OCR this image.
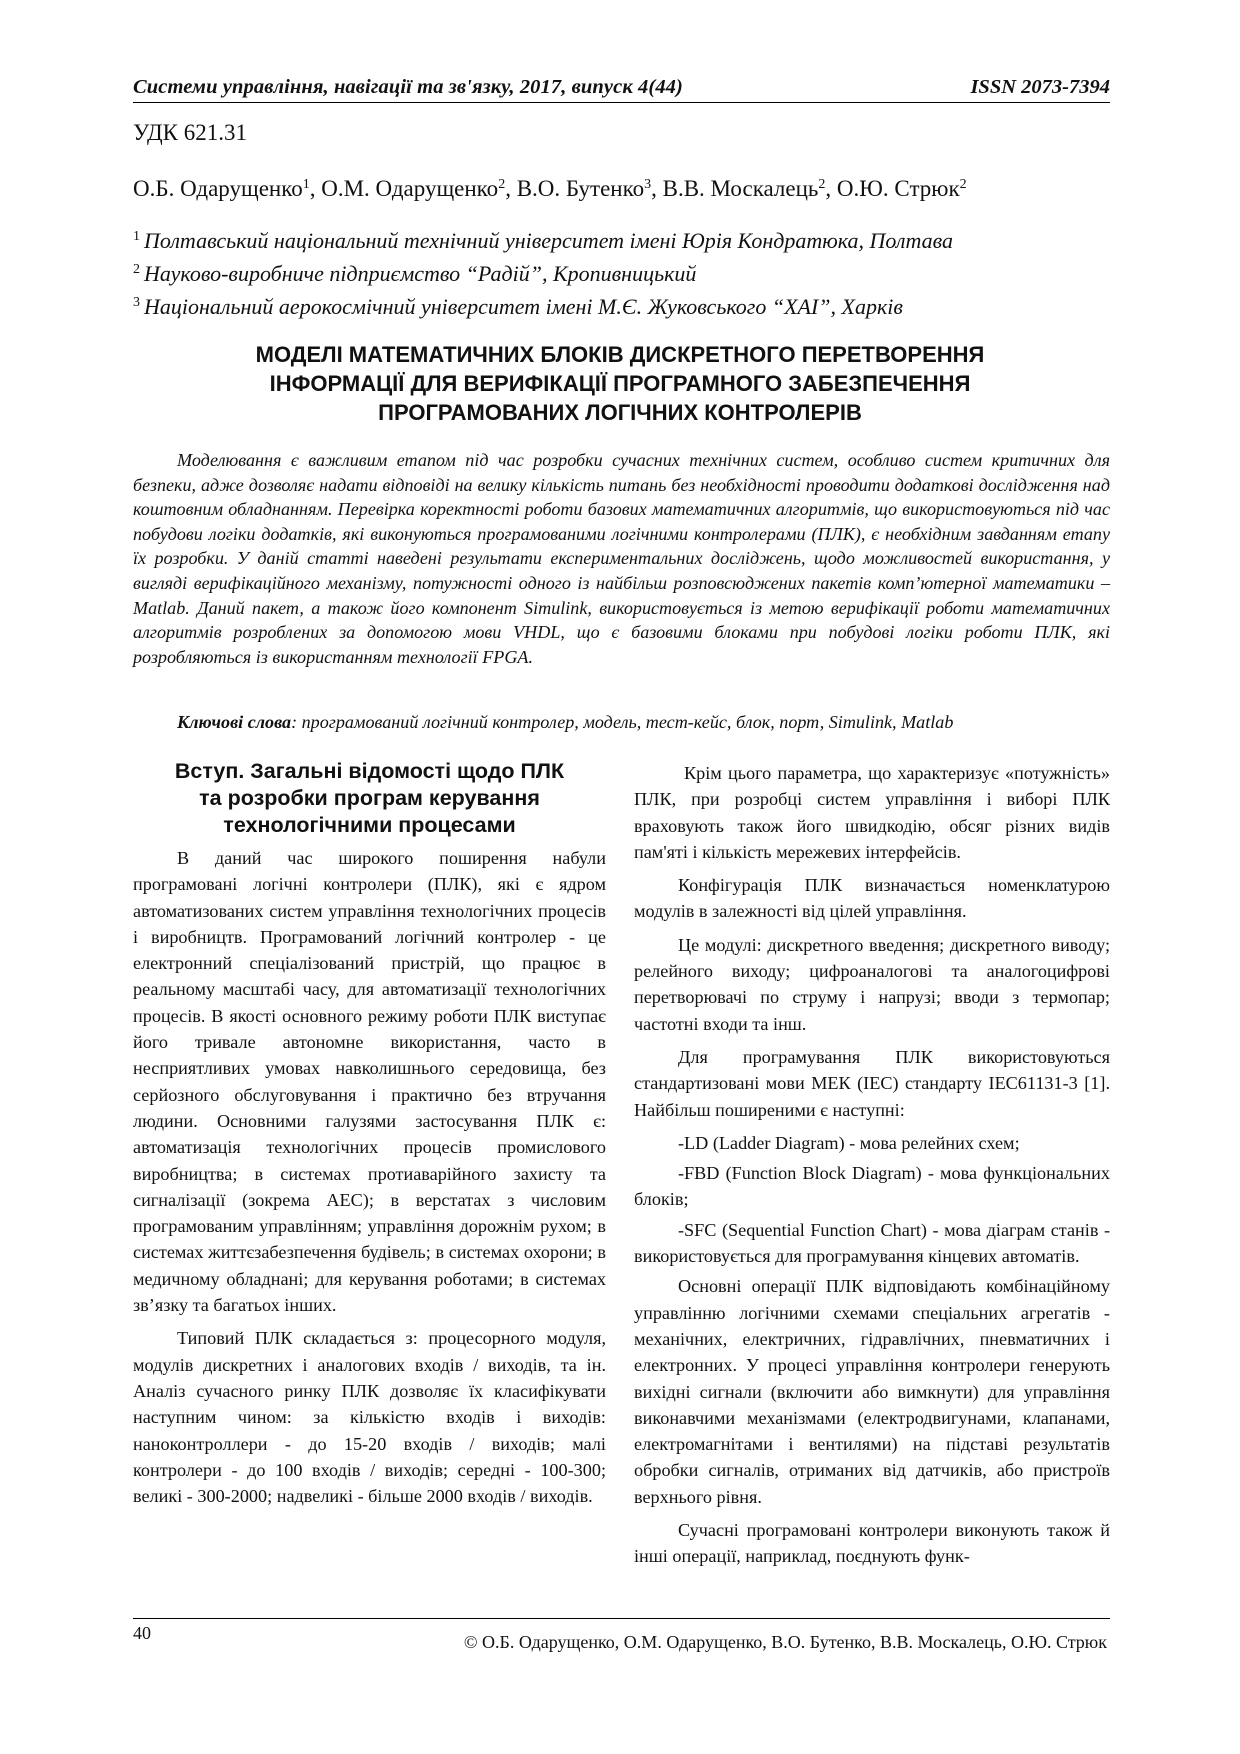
Системи управління, навігації та зв'язку, 2017, випуск 4(44)	ISSN 2073-7394
УДК 621.31
О.Б. Одарущенко$^1$, О.М. Одарущенко$^2$, В.О. Бутенко$^3$, В.В. Москалець$^2$, О.Ю. Стрюк$^2$
$^1$ Полтавський національний технічний університет імені Юрія Кондратюка, Полтава
$^2$ Науково-виробниче підприємство “Радій”, Кропивницький
$^3$ Національний аерокосмічний університет імені М.Є. Жуковського “ХАІ”, Харків
МОДЕЛІ МАТЕМАТИЧНИХ БЛОКІВ ДИСКРЕТНОГО ПЕРЕТВОРЕННЯ
ІНФОРМАЦІЇ ДЛЯ ВЕРИФІКАЦІЇ ПРОГРАМНОГО ЗАБЕЗПЕЧЕННЯ
ПРОГРАМОВАНИХ ЛОГІЧНИХ КОНТРОЛЕРІВ
Моделювання є важливим етапом під час розробки сучасних технічних систем, особливо систем критичних для безпеки, адже дозволяє надати відповіді на велику кількість питань без необхідності проводити додаткові дослідження над коштовним обладнанням. Перевірка коректності роботи базових математичних алгоритмів, що використовуються під час побудови логіки додатків, які виконуються програмованими логічними контролерами (ПЛК), є необхідним завданням етапу їх розробки. У даній статті наведені результати експериментальних досліджень, щодо можливостей використання, у вигляді верифікаційного механізму, потужності одного із найбільш розповсюджених пакетів комп’ютерної математики – Matlab. Даний пакет, а також його компонент Simulink, використовується із метою верифікації роботи математичних алгоритмів розроблених за допомогою мови VHDL, що є базовими блоками при побудові логіки роботи ПЛК, які розробляються із використанням технології FPGA.
Ключові слова: програмований логічний контролер, модель, тест-кейс, блок, порт, Simulink, Matlab
Вступ. Загальні відомості щодо ПЛК
та розробки програм керування
технологічними процесами

В даний час широкого поширення набули програмовані логічні контролери (ПЛК), які є ядром автоматизованих систем управління технологічних процесів і виробництв. Програмований логічний контролер - це електронний спеціалізований пристрій, що працює в реальному масштабі часу, для автоматизації технологічних процесів. В якості основного режиму роботи ПЛК виступає його тривале автономне використання, часто в несприятливих умовах навколишнього середовища, без серйозного обслуговування і практично без втручання людини. Основними галузями застосування ПЛК є: автоматизація технологічних процесів промислового виробництва; в системах протиаварійного захисту та сигналізації (зокрема АЕС); в верстатах з числовим програмованим управлінням; управління дорожнім рухом; в системах життєзабезпечення будівель; в системах охорони; в медичному обладнані; для керування роботами; в системах зв’язку та багатьох інших.

Типовий ПЛК складається з: процесорного модуля, модулів дискретних і аналогових входів / виходів, та ін. Аналіз сучасного ринку ПЛК дозволяє їх класифікувати наступним чином: за кількістю входів і виходів: наноконтроллери - до 15-20 входів / виходів; малі контролери - до 100 входів / виходів; середні - 100-300; великі - 300-2000; надвеликі - більше 2000 входів / виходів.

Крім цього параметра, що характеризує «потужність» ПЛК, при розробці систем управління і виборі ПЛК враховують також його швидкодію, обсяг різних видів пам'яті і кількість мережевих інтерфейсів.

Конфігурація ПЛК визначається номенклатурою модулів в залежності від цілей управління.

Це модулі: дискретного введення; дискретного виводу; релейного виходу; цифроаналогові та аналогоцифрові перетворювачі по струму і напрузі; вводи з термопар; частотні входи та інш.

Для програмування ПЛК використовуються стандартизовані мови МЕК (IEC) стандарту IEC61131-3 [1]. Найбільш поширеними є наступні:

-LD (Ladder Diagram) - мова релейних схем;

-FBD (Function Block Diagram) - мова функціональних блоків;

-SFC (Sequential Function Chart) - мова діаграм станів - використовується для програмування кінцевих автоматів.

Основні операції ПЛК відповідають комбінаційному управлінню логічними схемами спеціальних агрегатів - механічних, електричних, гідравлічних, пневматичних і електронних. У процесі управління контролери генерують вихідні сигнали (включити або вимкнути) для управління виконавчими механізмами (електродвигунами, клапанами, електромагнітами і вентилями) на підставі результатів обробки сигналів, отриманих від датчиків, або пристроїв верхнього рівня.

Сучасні програмовані контролери виконують також й інші операції, наприклад, поєднують функ-

40	© О.Б. Одарущенко, О.М. Одарущенко, В.О. Бутенко, В.В. Москалець, О.Ю. Стрюк
